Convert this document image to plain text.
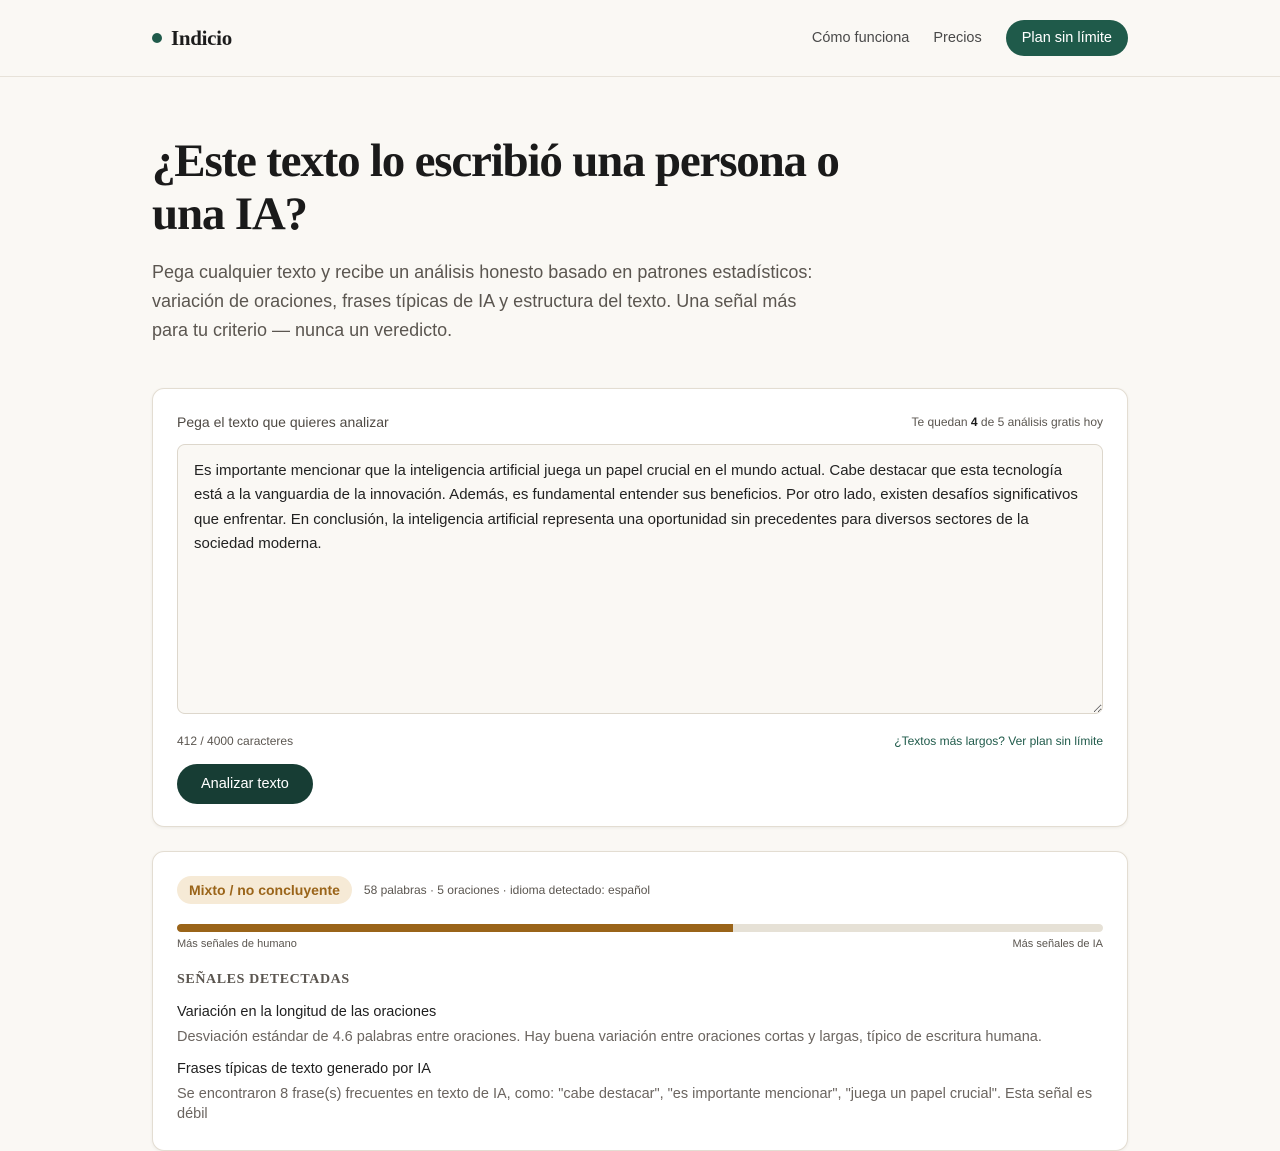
Indicio	Cómo funciona Precios	Plan sin límite
¿Este texto lo escribió una persona o una IA?

Pega cualquier texto y recibe un análisis honesto basado en patrones estadísticos: variación de oraciones, frases típicas de IA y estructura del texto. Una señal más para tu criterio — nunca un veredicto.

Pega el texto que quieres analizar	Te quedan 4 de 5 análisis gratis hoy
Es importante mencionar que la inteligencia artificial juega un papel crucial en el mundo actual. Cabe destacar que esta tecnología está a la vanguardia de la innovación. Además, es fundamental entender sus beneficios. Por otro lado, existen desafíos significativos que enfrentar. En conclusión, la inteligencia artificial representa una oportunidad sin precedentes para diversos sectores de la sociedad moderna.
412 / 4000 caracteres	¿Textos más largos? Ver plan sin límite
Analizar texto
Mixto / no concluyente	58 palabras · 5 oraciones · idioma detectado: español
Más señales de humano	Más señales de IA
SEÑALES DETECTADAS
Variación en la longitud de las oraciones
Desviación estándar de 4.6 palabras entre oraciones. Hay buena variación entre oraciones cortas y largas, típico de escritura humana.
Frases típicas de texto generado por IA
Se encontraron 8 frase(s) frecuentes en texto de IA, como: "cabe destacar", "es importante mencionar", "juega un papel crucial". Esta señal es débil
